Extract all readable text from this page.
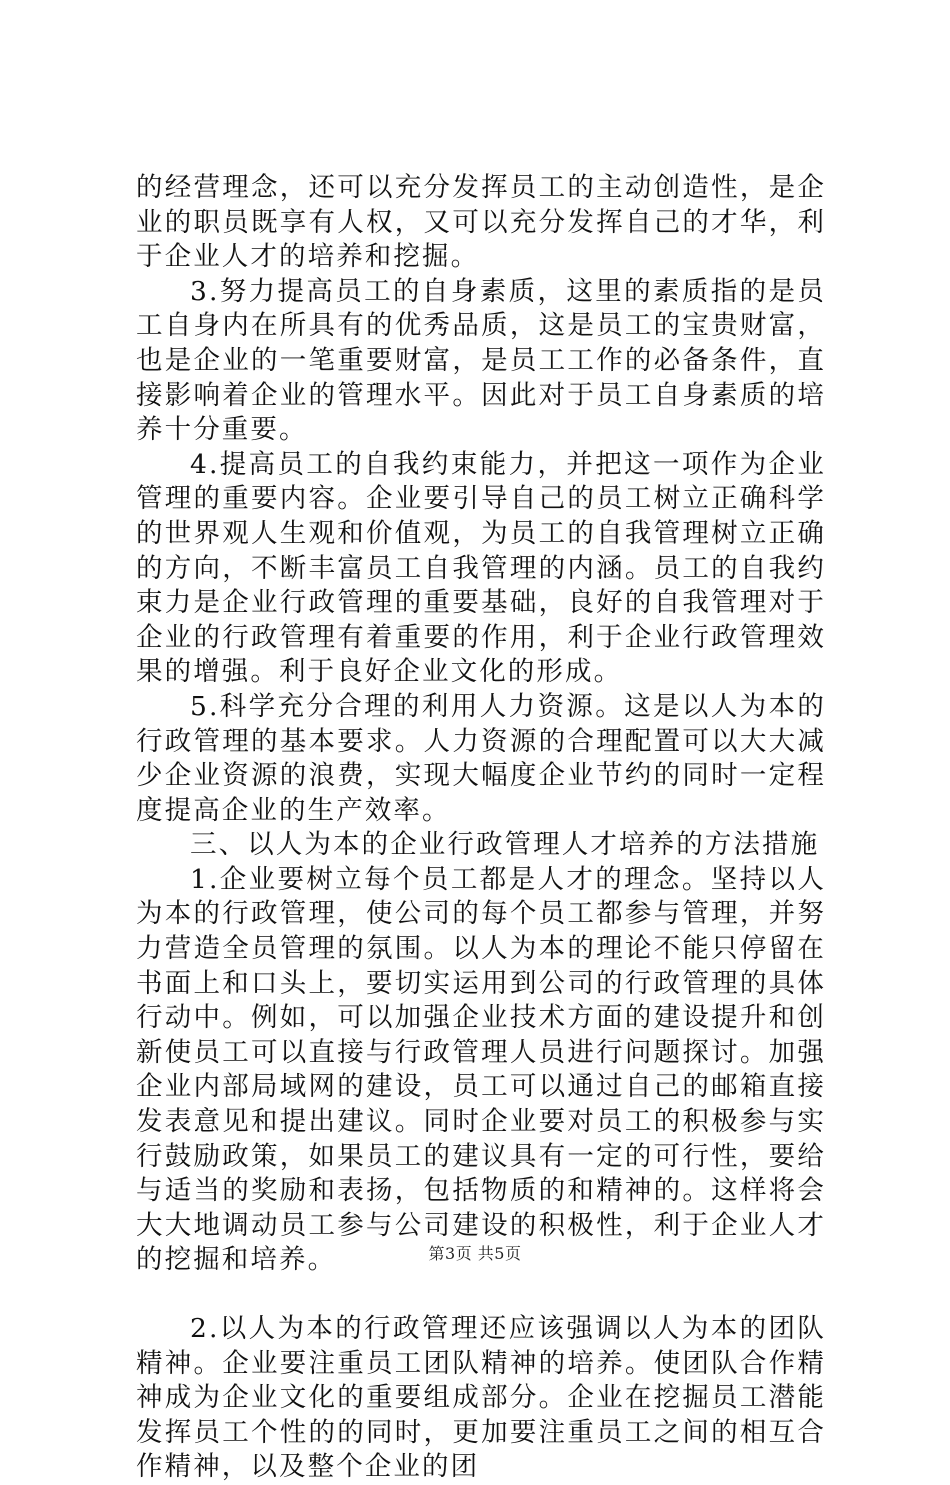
的经营理念，还可以充分发挥员工的主动创造性，是企业的职员既享有人权，又可以充分发挥自己的才华，利于企业人才的培养和挖掘。

3.努力提高员工的自身素质，这里的素质指的是员工自身内在所具有的优秀品质，这是员工的宝贵财富，也是企业的一笔重要财富，是员工工作的必备条件，直接影响着企业的管理水平。因此对于员工自身素质的培养十分重要。

4.提高员工的自我约束能力，并把这一项作为企业管理的重要内容。企业要引导自己的员工树立正确科学的世界观人生观和价值观，为员工的自我管理树立正确的方向，不断丰富员工自我管理的内涵。员工的自我约束力是企业行政管理的重要基础，良好的自我管理对于企业的行政管理有着重要的作用，利于企业行政管理效果的增强。利于良好企业文化的形成。

5.科学充分合理的利用人力资源。这是以人为本的行政管理的基本要求。人力资源的合理配置可以大大减少企业资源的浪费，实现大幅度企业节约的同时一定程度提高企业的生产效率。

三、以人为本的企业行政管理人才培养的方法措施

1.企业要树立每个员工都是人才的理念。坚持以人为本的行政管理，使公司的每个员工都参与管理，并努力营造全员管理的氛围。以人为本的理论不能只停留在书面上和口头上，要切实运用到公司的行政管理的具体行动中。例如，可以加强企业技术方面的建设提升和创新使员工可以直接与行政管理人员进行问题探讨。加强企业内部局域网的建设，员工可以通过自己的邮箱直接发表意见和提出建议。同时企业要对员工的积极参与实行鼓励政策，如果员工的建议具有一定的可行性，要给与适当的奖励和表扬，包括物质的和精神的。这样将会大大地调动员工参与公司建设的积极性，利于企业人才的挖掘和培养。

2.以人为本的行政管理还应该强调以人为本的团队精神。企业要注重员工团队精神的培养。使团队合作精神成为企业文化的重要组成部分。企业在挖掘员工潜能发挥员工个性的的同时，更加要注重员工之间的相互合作精神，以及整个企业的团

第3页 共5页
